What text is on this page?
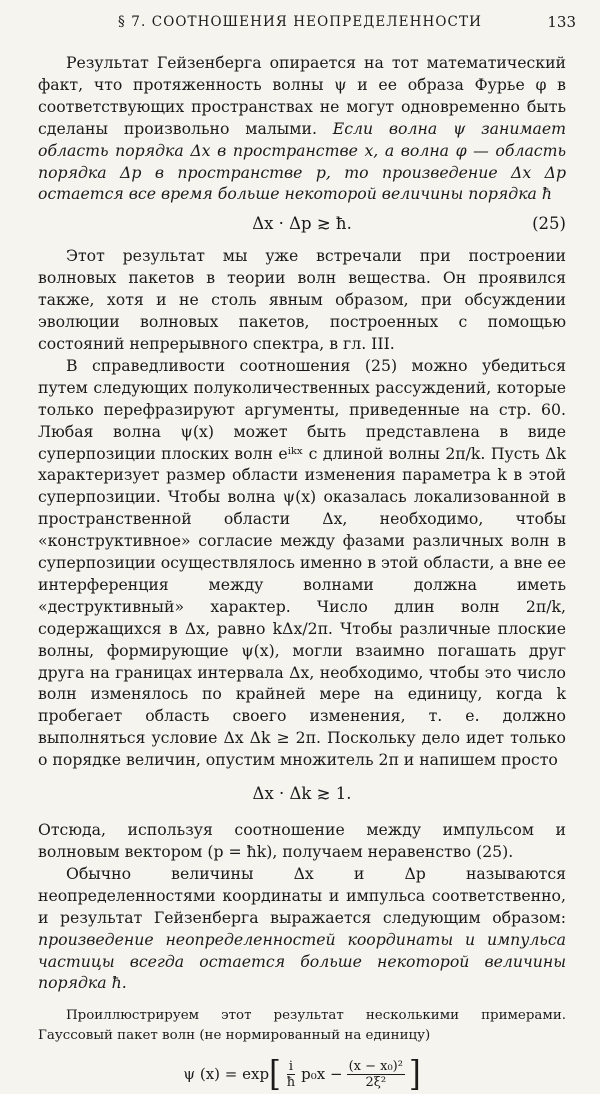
§ 7. СООТНОШЕНИЯ НЕОПРЕДЕЛЕННОСТИ	133

Результат Гейзенберга опирается на тот математический факт, что протяженность волны ψ и ее образа Фурье φ в соответствующих пространствах не могут одновременно быть сделаны произвольно малыми. Если волна ψ занимает область порядка Δx в пространстве x, а волна φ — область порядка Δp в пространстве p, то произведение Δx Δp остается все время больше некоторой величины порядка ħ

Δx · Δp ≳ ħ.	(25)

Этот результат мы уже встречали при построении волновых пакетов в теории волн вещества. Он проявился также, хотя и не столь явным образом, при обсуждении эволюции волновых пакетов, построенных с помощью состояний непрерывного спектра, в гл. III.

В справедливости соотношения (25) можно убедиться путем следующих полуколичественных рассуждений, которые только перефразируют аргументы, приведенные на стр. 60. Любая волна ψ(x) может быть представлена в виде суперпозиции плоских волн eⁱᵏˣ с длиной волны 2π/k. Пусть Δk характеризует размер области изменения параметра k в этой суперпозиции. Чтобы волна ψ(x) оказалась локализованной в пространственной области Δx, необходимо, чтобы «конструктивное» согласие между фазами различных волн в суперпозиции осуществлялось именно в этой области, а вне ее интерференция между волнами должна иметь «деструктивный» характер. Число длин волн 2π/k, содержащихся в Δx, равно kΔx/2π. Чтобы различные плоские волны, формирующие ψ(x), могли взаимно погашать друг друга на границах интервала Δx, необходимо, чтобы это число волн изменялось по крайней мере на единицу, когда k пробегает область своего изменения, т. е. должно выполняться условие Δx Δk ≥ 2π. Поскольку дело идет только о порядке величин, опустим множитель 2π и напишем просто

Δx · Δk ≳ 1.

Отсюда, используя соотношение между импульсом и волновым вектором (p = ħk), получаем неравенство (25).

Обычно величины Δx и Δp называются неопределенностями координаты и импульса соответственно, и результат Гейзенберга выражается следующим образом: произведение неопределенностей координаты и импульса частицы всегда остается больше некоторой величины порядка ħ.

Проиллюстрируем этот результат несколькими примерами. Гауссовый пакет волн (не нормированный на единицу)

ψ (x) = exp [ $\frac{i}{ħ} p_0x - \frac{\text{(x − x₀)²}}{\text{2ξ²}}$ ]
